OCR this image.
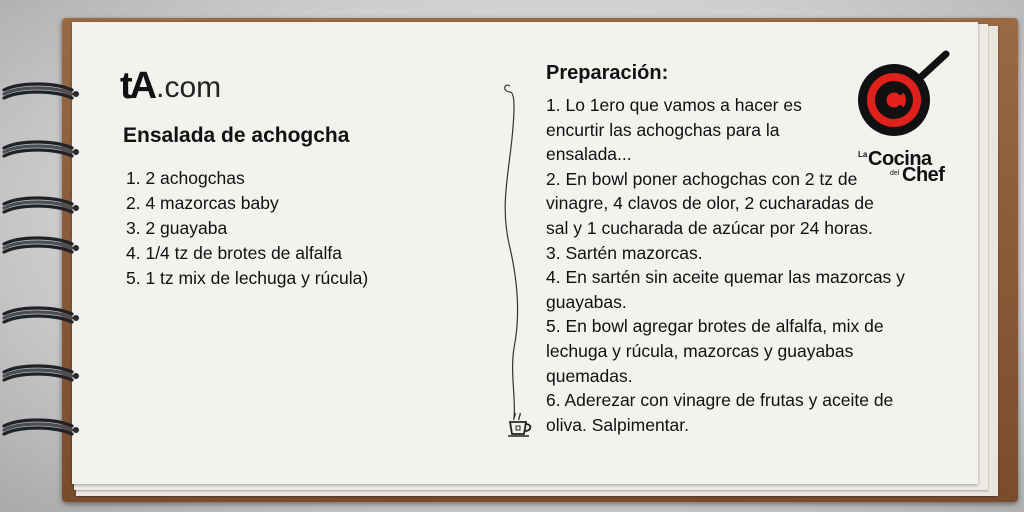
tA .com
Ensalada de achogcha
1. 2 achogchas
2. 4 mazorcas baby
3. 2 guayaba
4. 1/4 tz de brotes de alfalfa
5. 1 tz mix de lechuga y rúcula)
Preparación:
1. Lo 1ero que vamos a hacer es encurtir las achogchas para la ensalada...
2. En bowl poner achogchas con 2 tz de vinagre, 4 clavos de olor, 2 cucharadas de sal y 1 cucharada de azúcar por 24 horas.
3. Sartén mazorcas.
4. En sartén sin aceite quemar las mazorcas y guayabas.
5. En bowl agregar brotes de alfalfa, mix de lechuga y rúcula, mazorcas y guayabas quemadas.
6. Aderezar con vinagre de frutas y aceite de oliva. Salpimentar.
La Cocina
del Chef
